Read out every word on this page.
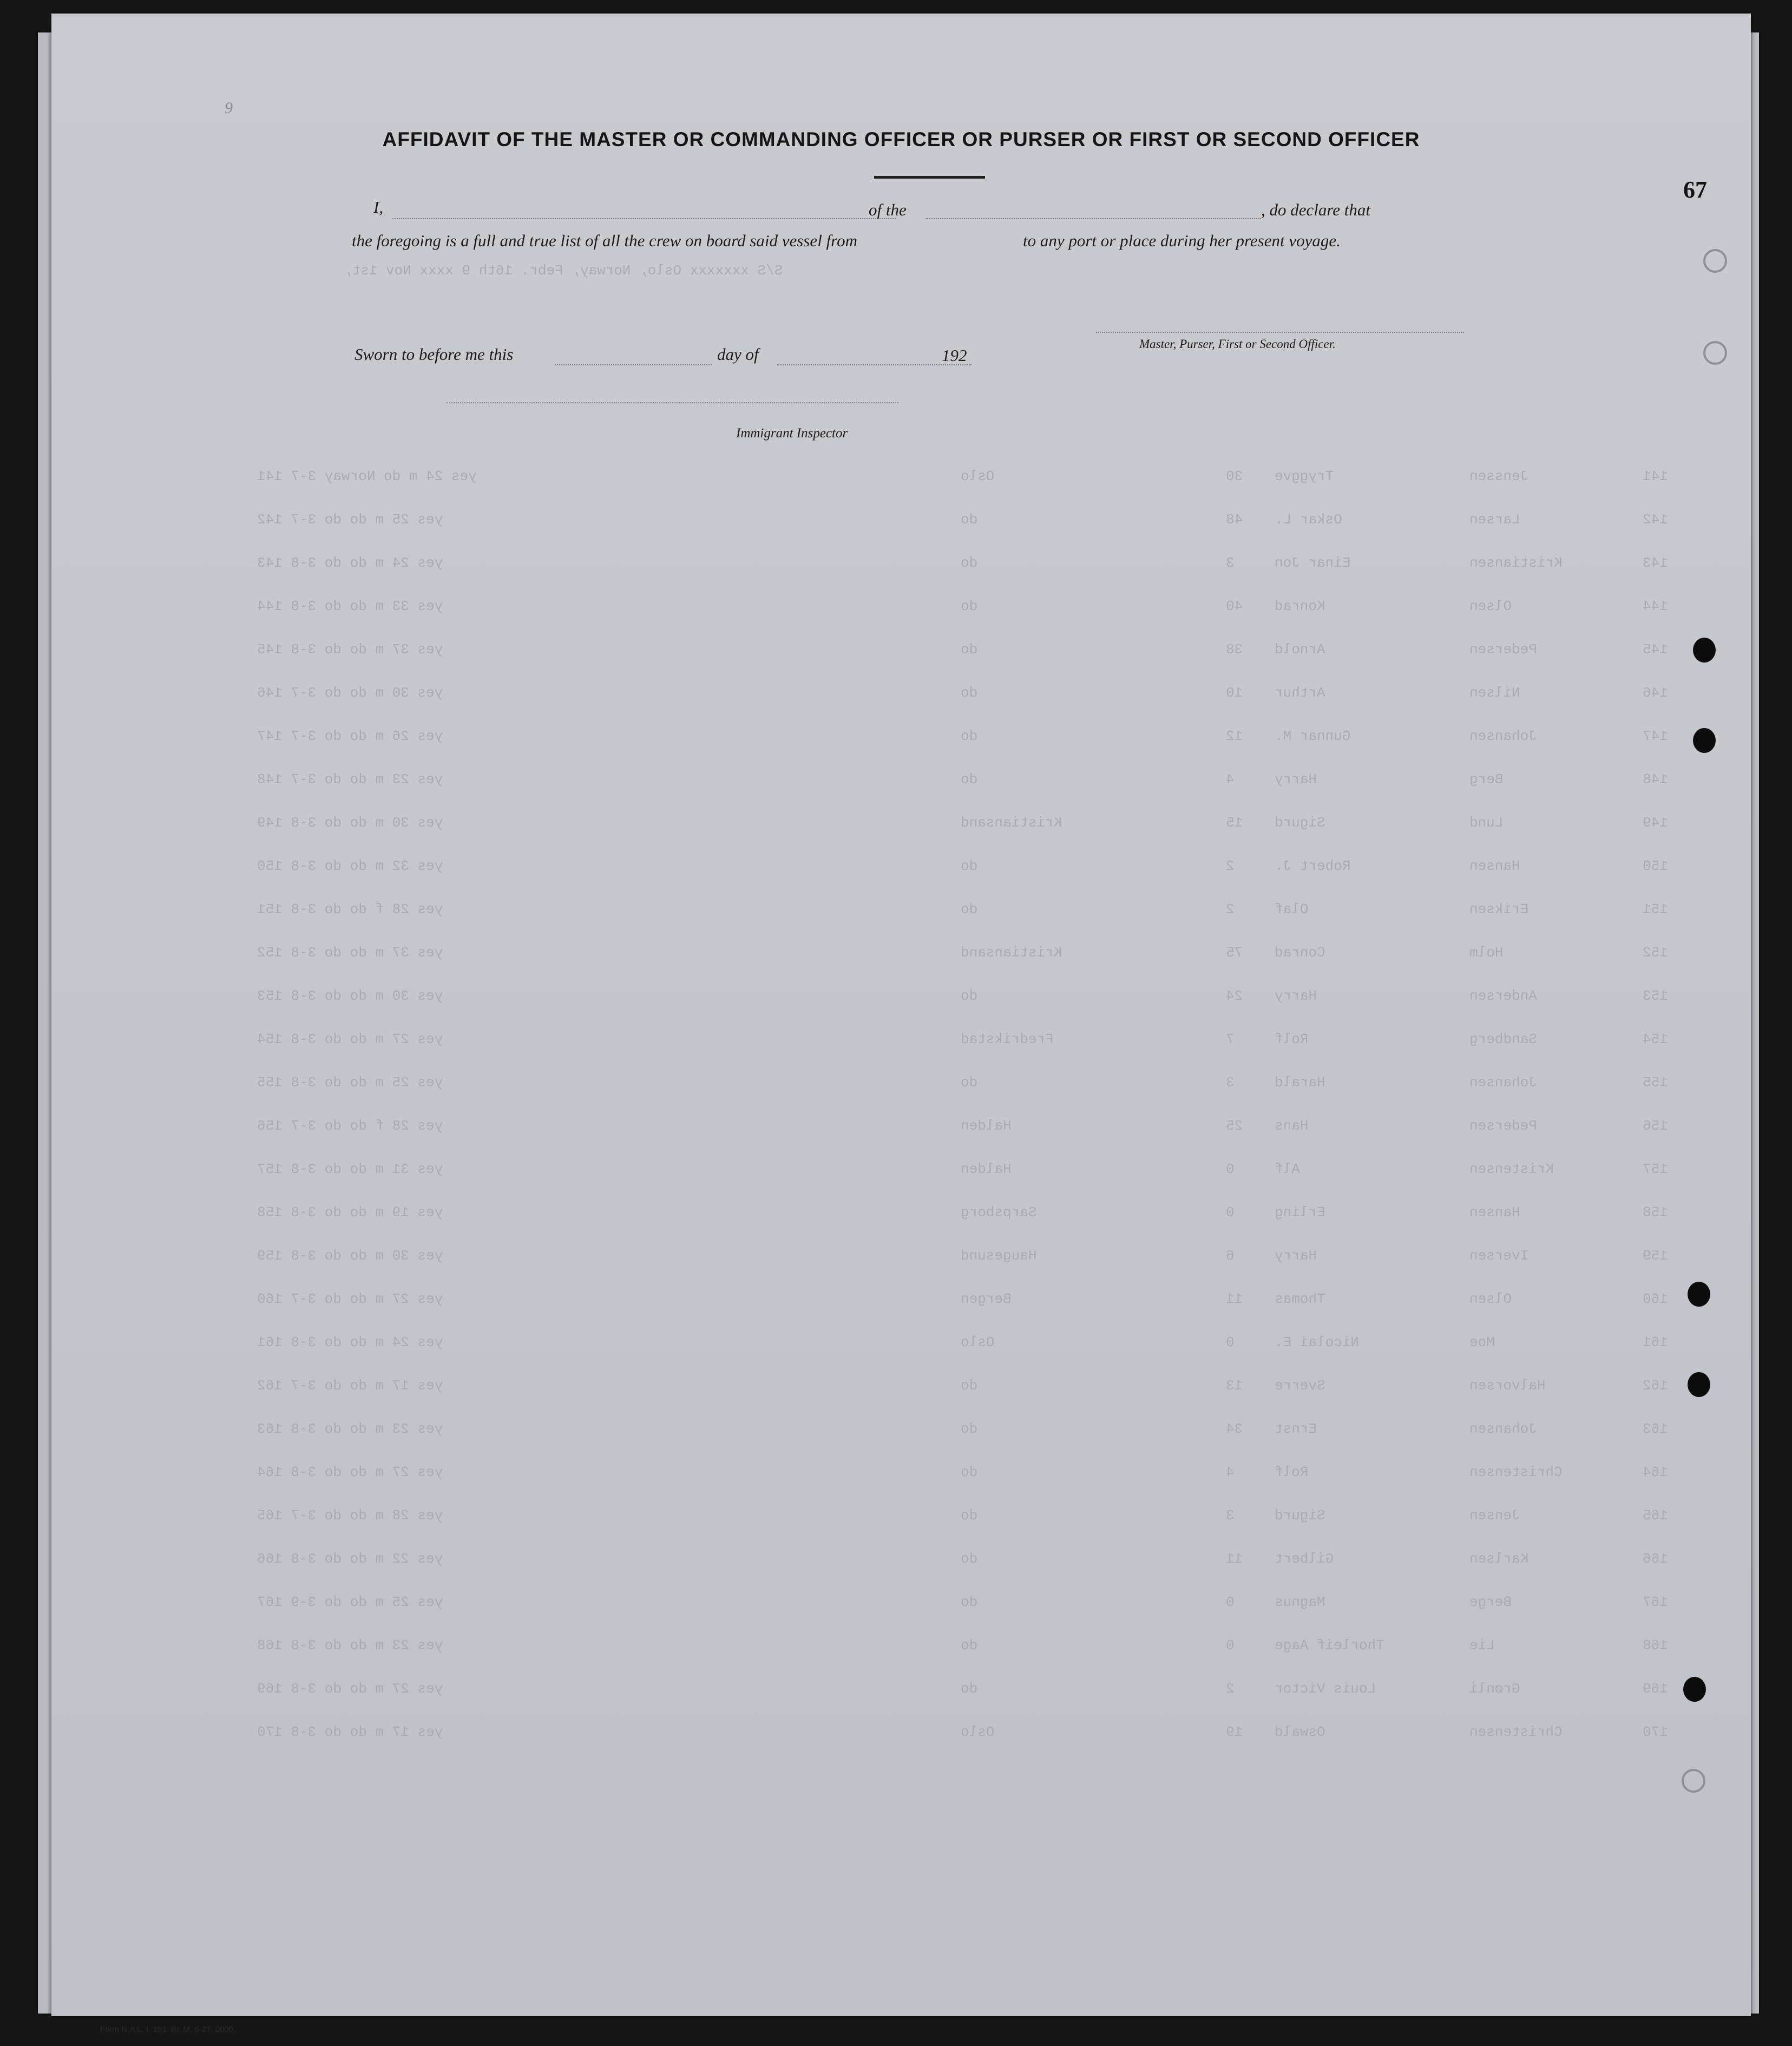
9
AFFIDAVIT OF THE MASTER OR COMMANDING OFFICER OR PURSER OR FIRST OR SECOND OFFICER
I,	of the	, do declare that
the foregoing is a full and true list of all the crew on board said vessel from	to any port or place during her present voyage.
Sworn to before me this	day of	192
Master, Purser, First or Second Officer.
Immigrant Inspector
67
S/S xxxxxxx Oslo, Norway, Febr. 16th 9 xxxx Nov 1st,
yes 24 m do Norway 3-7 141	Oslo	30 Tryggve	Jenssen	141
yes 25 m do do 3-7 142	do	48 Oskar L.	Larsen	142
yes 24 m do do 3-8 143	do	3	Einar Jon	Kristiansen	143
yes 33 m do do 3-8 144	do	40 Konrad	Olsen	144
yes 37 m do do 3-8 145	do	38 Arnold	Pedersen	145
yes 30 m do do 3-7 146	do	10 Arthur	Nilsen	146
yes 26 m do do 3-7 147	do	12 Gunnar M.	Johansen	147
yes 23 m do do 3-7 148	do	4	Harry	Berg	148
yes 30 m do do 3-8 149	Kristiansand	15 Sigurd	Lund	149
yes 32 m do do 3-8 150	do	2	Robert J.	Hansen	150
yes 28 f do do 3-8 151	do	2	Olaf	Eriksen	151
yes 37 m do do 3-8 152	Kristiansand	75 Conrad	Holm	152
yes 30 m do do 3-8 153	do	24 Harry	Andersen	153
yes 27 m do do 3-8 154	Fredrikstad	7	Rolf	Sandberg	154
yes 25 m do do 3-8 155	do	3	Harald	Johansen	155
yes 28 f do do 3-7 156	Halden	25 Hans	Pedersen	156
yes 31 m do do 3-8 157	Halden	0	Alf	Kristensen	157
yes 19 m do do 3-8 158	Sarpsborg	0	Erling	Hansen	158
yes 30 m do do 3-8 159	Haugesund	6	Harry	Iversen	159
yes 27 m do do 3-7 160	Bergen	11 Thomas	Olsen	160
yes 24 m do do 3-8 161	Oslo	0	Nicolai E.	Moe	161
yes 17 m do do 3-7 162	do	13 Sverre	Halvorsen	162
yes 23 m do do 3-8 163	do	34 Ernst	Johansen	163
yes 27 m do do 3-8 164	do	4	Rolf	Christensen	164
yes 28 m do do 3-7 165	do	3	Sigurd	Jensen	165
yes 22 m do do 3-8 166	do	11 Gilbert	Karlsen	166
yes 25 m do do 3-9 167	do	0	Magnus	Berge	167
yes 23 m do do 3-8 168	do	0	Thorleif Aage	Lie	168
yes 27 m do do 3-8 169	do	2	Louis Victor	Grønli	169
yes 17 m do do 3-8 170	Oslo	19 Oswald	Christensen	170
Form N.A.L. I. 191. Br. M. 6-27. 2000.
